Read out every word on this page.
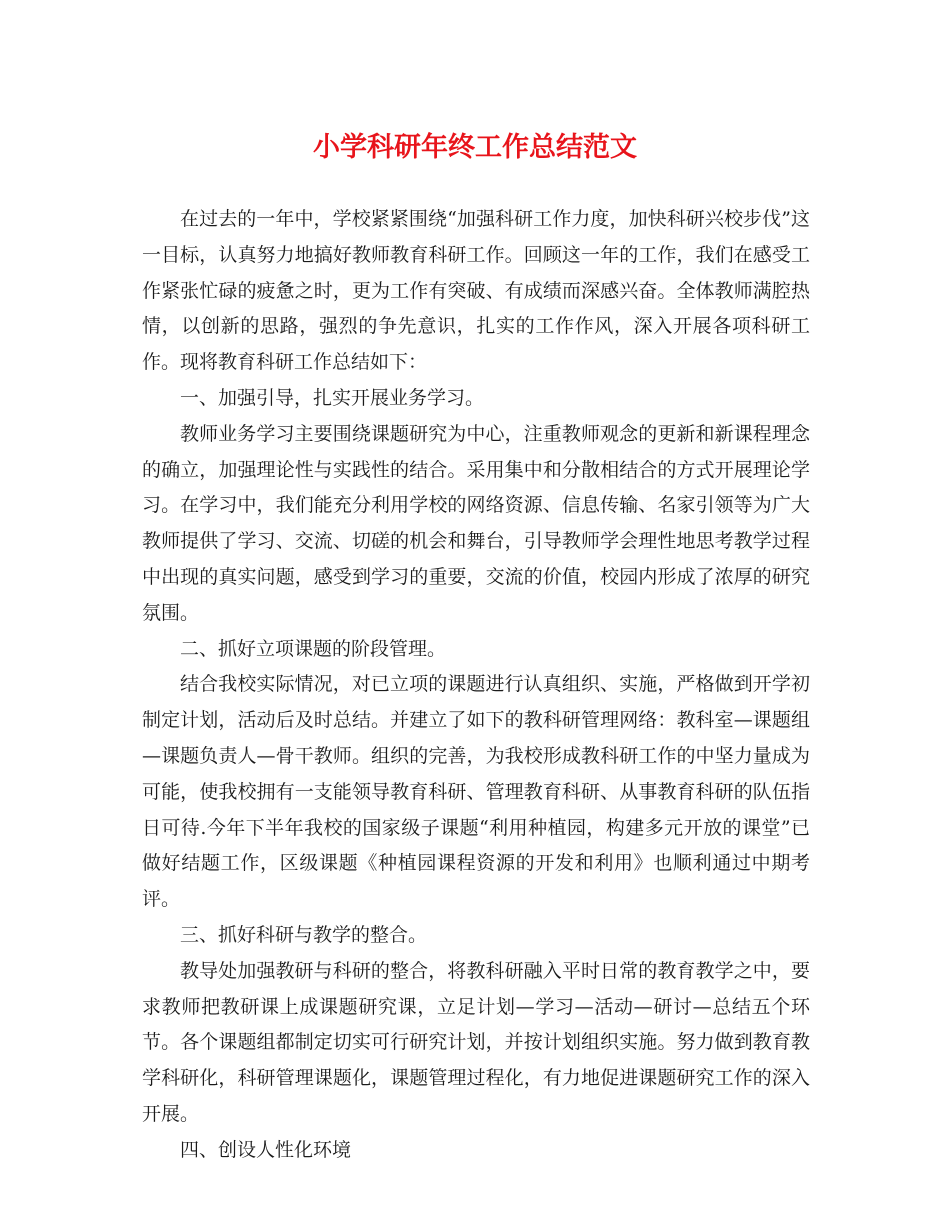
小学科研年终工作总结范文

在过去的一年中，学校紧紧围绕“加强科研工作力度，加快科研兴校步伐”这一目标，认真努力地搞好教师教育科研工作。回顾这一年的工作，我们在感受工作紧张忙碌的疲惫之时，更为工作有突破、有成绩而深感兴奋。全体教师满腔热情，以创新的思路，强烈的争先意识，扎实的工作作风，深入开展各项科研工作。现将教育科研工作总结如下：

一、加强引导，扎实开展业务学习。

教师业务学习主要围绕课题研究为中心，注重教师观念的更新和新课程理念的确立，加强理论性与实践性的结合。采用集中和分散相结合的方式开展理论学习。在学习中，我们能充分利用学校的网络资源、信息传输、名家引领等为广大教师提供了学习、交流、切磋的机会和舞台，引导教师学会理性地思考教学过程中出现的真实问题，感受到学习的重要，交流的价值，校园内形成了浓厚的研究氛围。

二、抓好立项课题的阶段管理。

结合我校实际情况，对已立项的课题进行认真组织、实施，严格做到开学初制定计划，活动后及时总结。并建立了如下的教科研管理网络：教科室—课题组—课题负责人—骨干教师。组织的完善，为我校形成教科研工作的中坚力量成为可能，使我校拥有一支能领导教育科研、管理教育科研、从事教育科研的队伍指日可待.今年下半年我校的国家级子课题“利用种植园，构建多元开放的课堂”已做好结题工作，区级课题《种植园课程资源的开发和利用》也顺利通过中期考评。

三、抓好科研与教学的整合。

教导处加强教研与科研的整合，将教科研融入平时日常的教育教学之中，要求教师把教研课上成课题研究课，立足计划—学习—活动—研讨—总结五个环节。各个课题组都制定切实可行研究计划，并按计划组织实施。努力做到教育教学科研化，科研管理课题化，课题管理过程化，有力地促进课题研究工作的深入开展。

四、创设人性化环境
